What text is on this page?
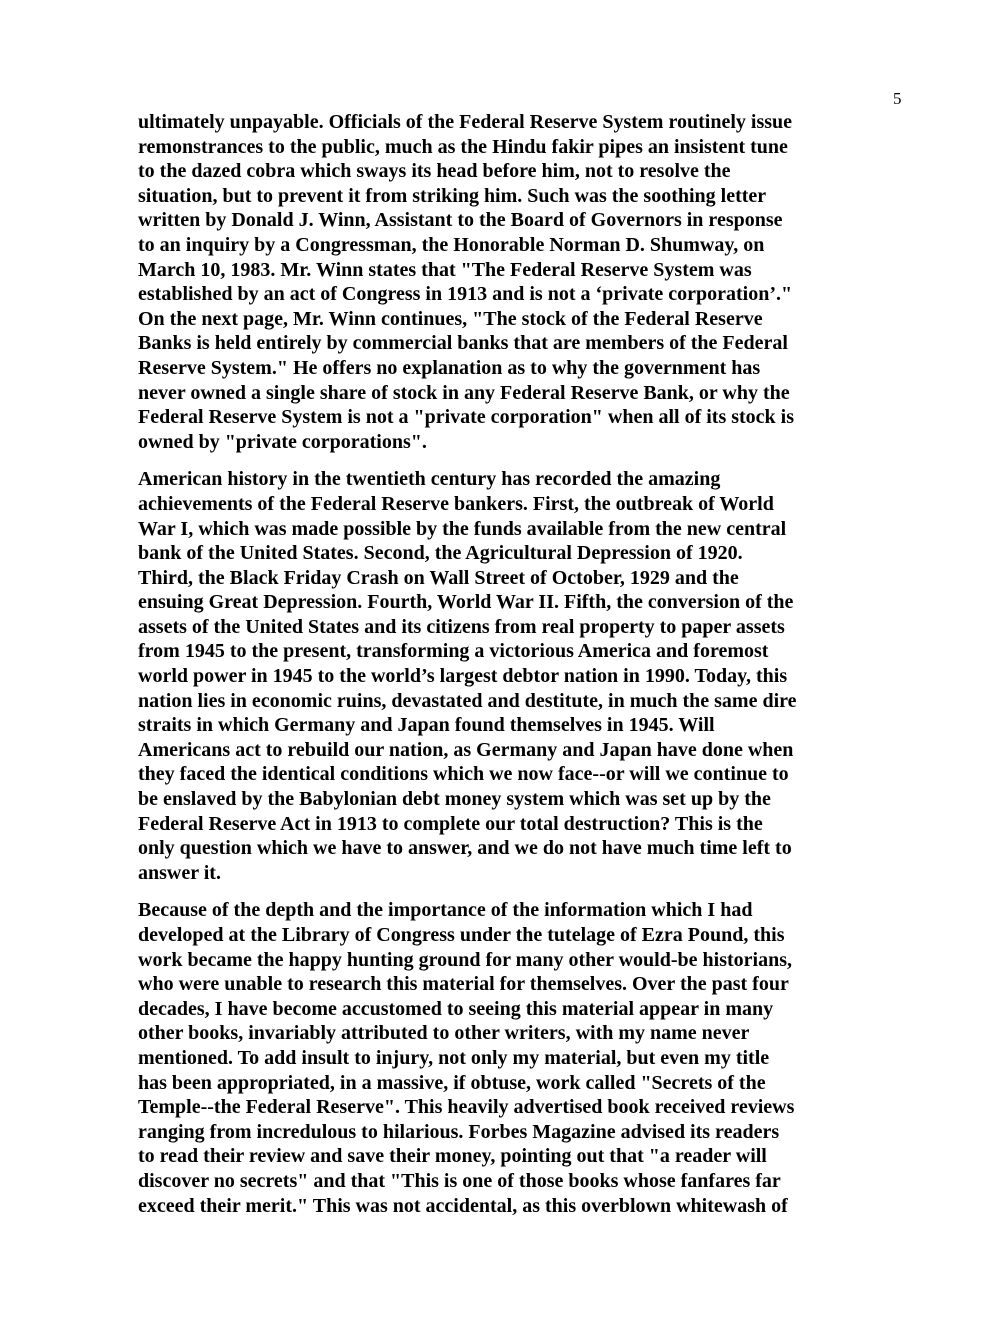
5
ultimately unpayable. Officials of the Federal Reserve System routinely issue
remonstrances to the public, much as the Hindu fakir pipes an insistent tune
to the dazed cobra which sways its head before him, not to resolve the
situation, but to prevent it from striking him. Such was the soothing letter
written by Donald J. Winn, Assistant to the Board of Governors in response
to an inquiry by a Congressman, the Honorable Norman D. Shumway, on
March 10, 1983. Mr. Winn states that "The Federal Reserve System was
established by an act of Congress in 1913 and is not a ‘private corporation’."
On the next page, Mr. Winn continues, "The stock of the Federal Reserve
Banks is held entirely by commercial banks that are members of the Federal
Reserve System." He offers no explanation as to why the government has
never owned a single share of stock in any Federal Reserve Bank, or why the
Federal Reserve System is not a "private corporation" when all of its stock is
owned by "private corporations".
American history in the twentieth century has recorded the amazing
achievements of the Federal Reserve bankers. First, the outbreak of World
War I, which was made possible by the funds available from the new central
bank of the United States. Second, the Agricultural Depression of 1920.
Third, the Black Friday Crash on Wall Street of October, 1929 and the
ensuing Great Depression. Fourth, World War II. Fifth, the conversion of the
assets of the United States and its citizens from real property to paper assets
from 1945 to the present, transforming a victorious America and foremost
world power in 1945 to the world’s largest debtor nation in 1990. Today, this
nation lies in economic ruins, devastated and destitute, in much the same dire
straits in which Germany and Japan found themselves in 1945. Will
Americans act to rebuild our nation, as Germany and Japan have done when
they faced the identical conditions which we now face--or will we continue to
be enslaved by the Babylonian debt money system which was set up by the
Federal Reserve Act in 1913 to complete our total destruction? This is the
only question which we have to answer, and we do not have much time left to
answer it.
Because of the depth and the importance of the information which I had
developed at the Library of Congress under the tutelage of Ezra Pound, this
work became the happy hunting ground for many other would-be historians,
who were unable to research this material for themselves. Over the past four
decades, I have become accustomed to seeing this material appear in many
other books, invariably attributed to other writers, with my name never
mentioned. To add insult to injury, not only my material, but even my title
has been appropriated, in a massive, if obtuse, work called "Secrets of the
Temple--the Federal Reserve". This heavily advertised book received reviews
ranging from incredulous to hilarious. Forbes Magazine advised its readers
to read their review and save their money, pointing out that "a reader will
discover no secrets" and that "This is one of those books whose fanfares far
exceed their merit." This was not accidental, as this overblown whitewash of
